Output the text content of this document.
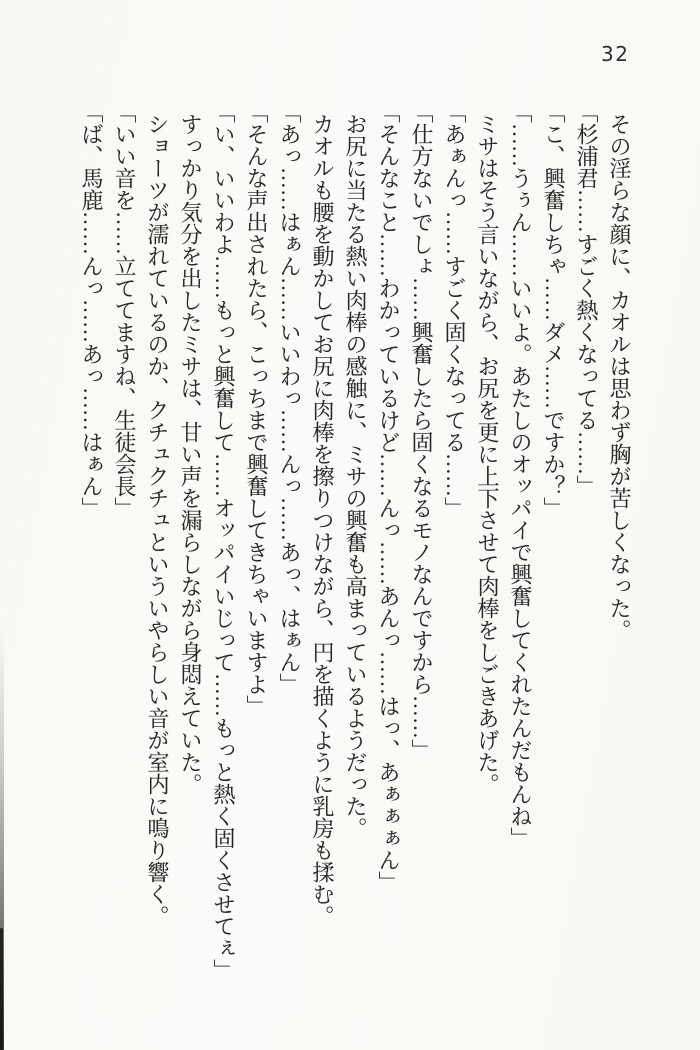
32

その淫らな顔に、カオルは思わず胸が苦しくなった。

「杉浦君……すごく熱くなってる……」

「こ、興奮しちゃ……ダメ……ですか？」

「……うぅん……いいよ。あたしのオッパイで興奮してくれたんだもんね」

ミサはそう言いながら、お尻を更に上下させて肉棒をしごきあげた。

「あぁんっ……すごく固くなってる……」

「仕方ないでしょ……興奮したら固くなるモノなんですから……」

「そんなこと……わかっているけど……んっ……あんっ……はっ、あぁぁぁん」

お尻に当たる熱い肉棒の感触に、ミサの興奮も高まっているようだった。

カオルも腰を動かしてお尻に肉棒を擦りつけながら、円を描くように乳房も揉む。

「あっ……はぁん……いいわっ……んっ……あっ、はぁん」

「そんな声出されたら、こっちまで興奮してきちゃいますよ」

「い、いいわよ……もっと興奮して……オッパイいじって……もっと熱く固くさせてぇ」

すっかり気分を出したミサは、甘い声を漏らしながら身悶えていた。

ショーツが濡れているのか、クチュクチュといういやらしい音が室内に鳴り響く。

「いい音を……立ててますね、生徒会長」

「ば、馬鹿……んっ……あっ……はぁん」
